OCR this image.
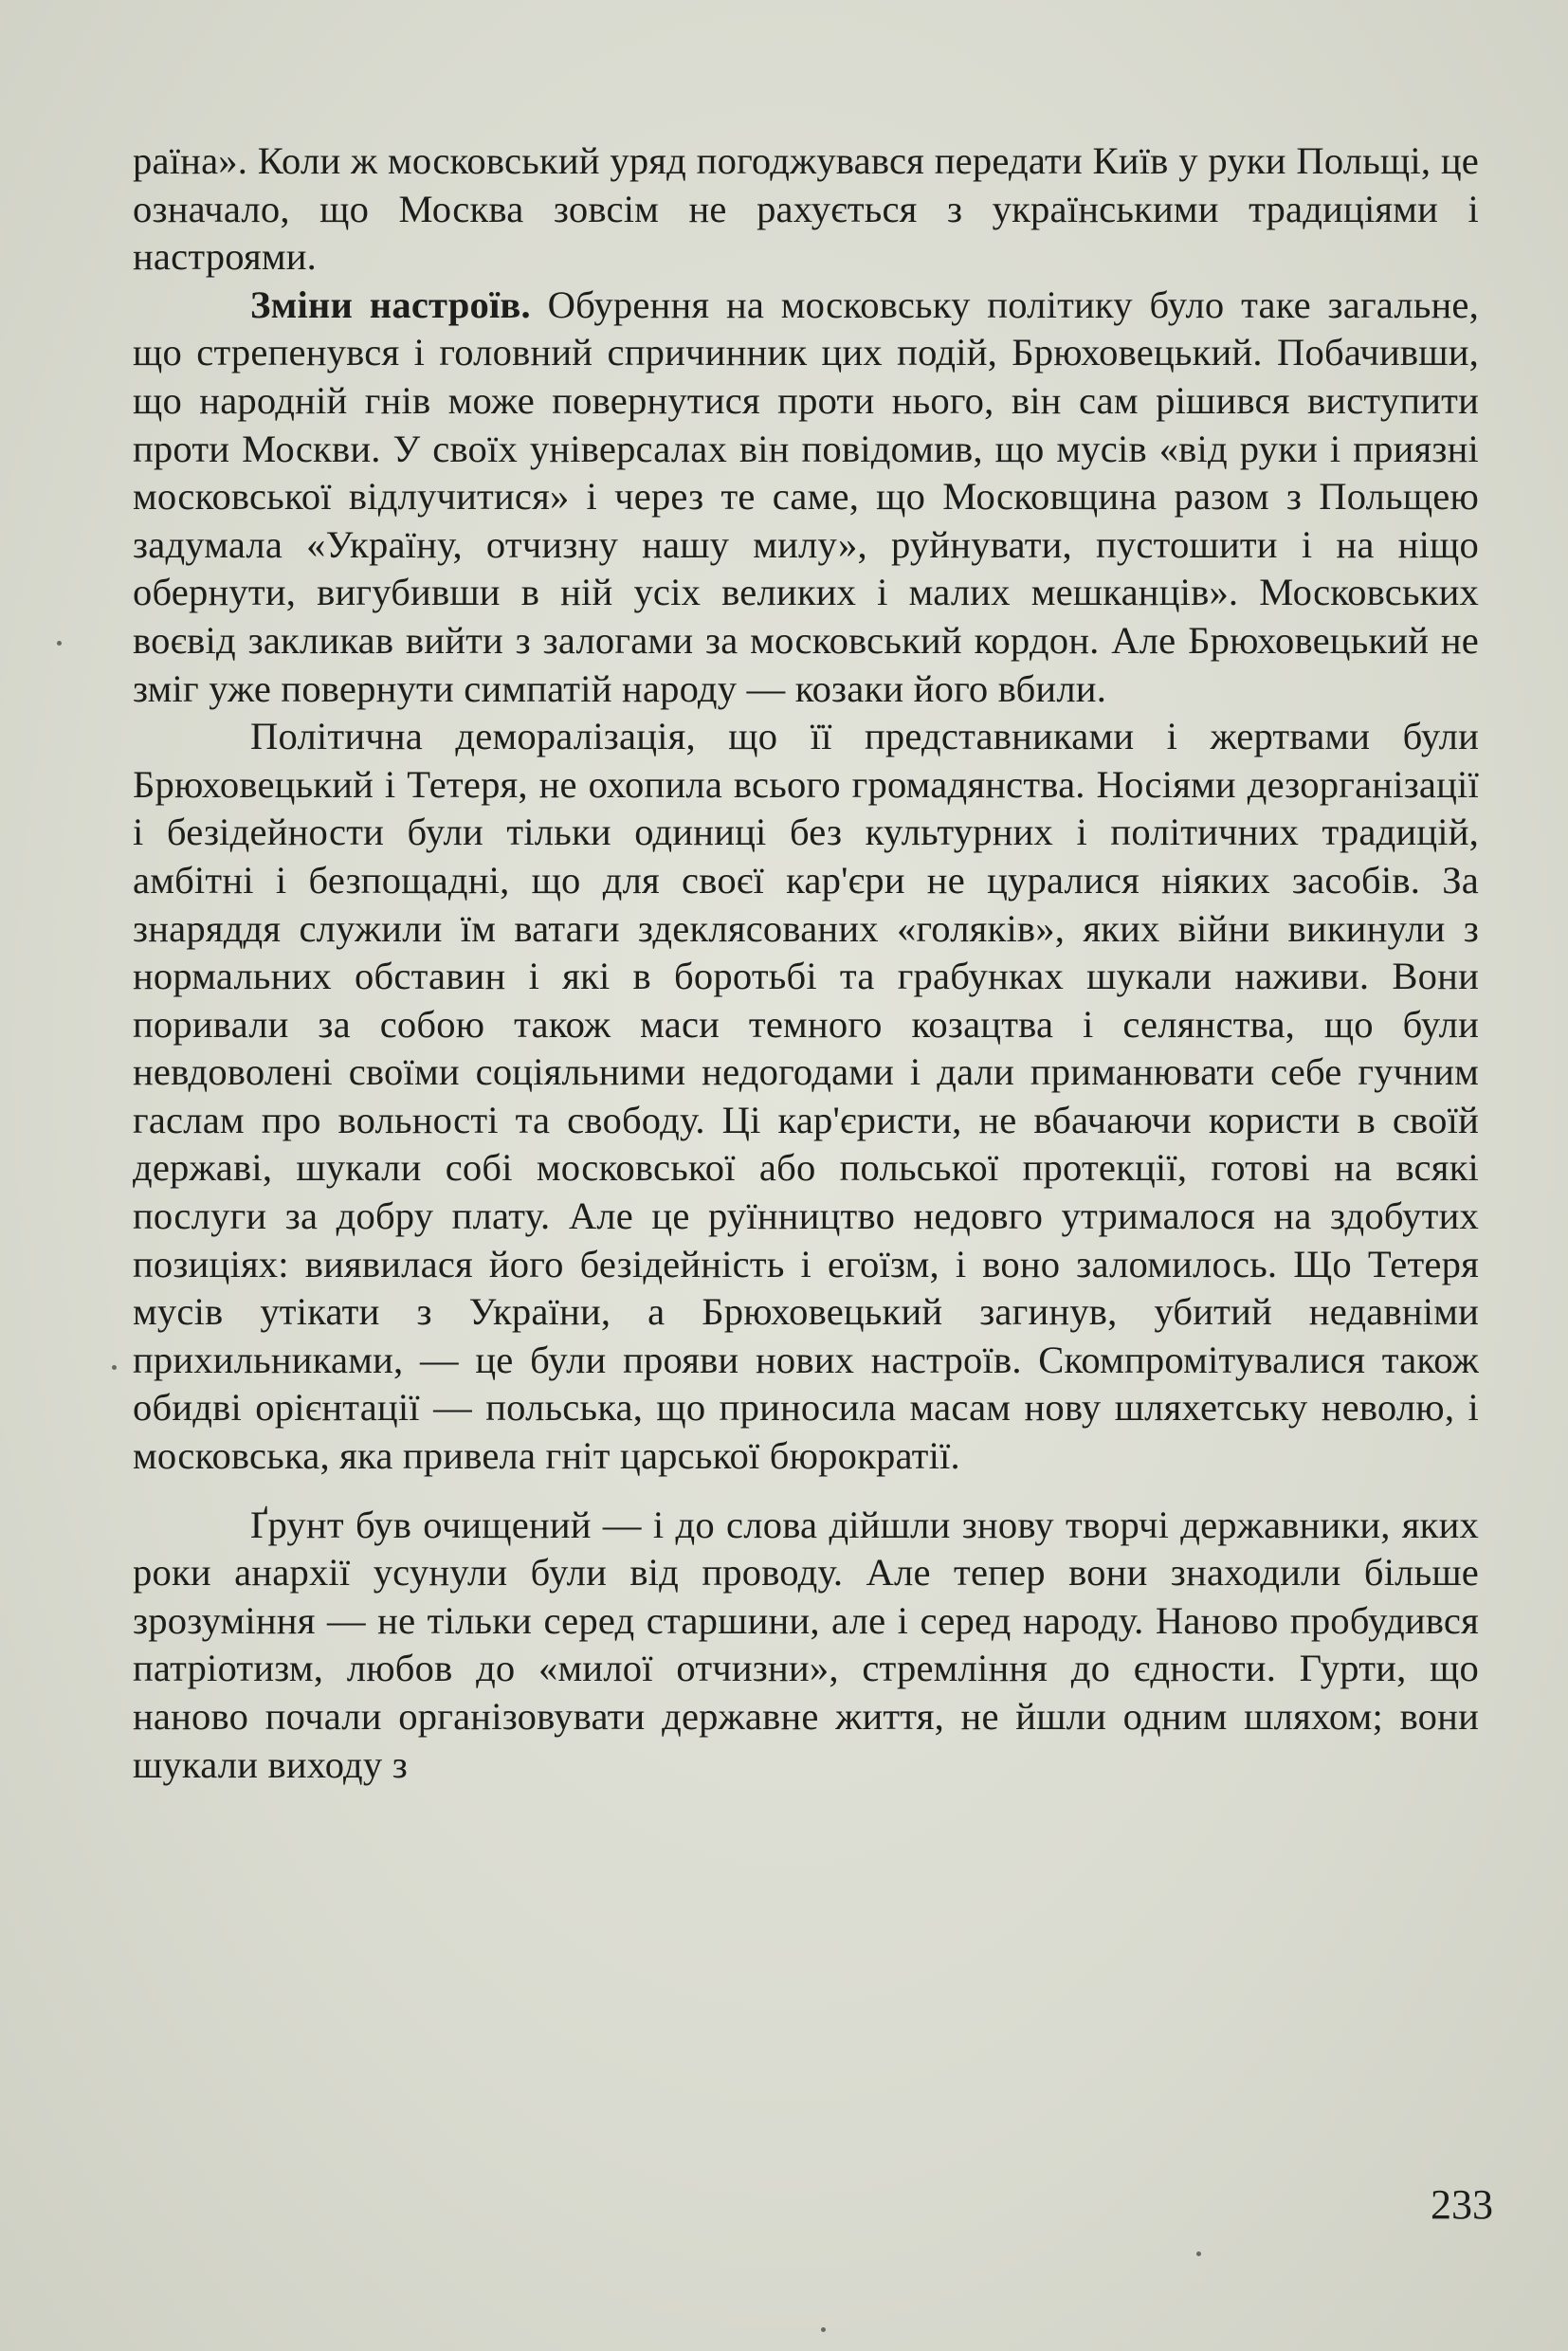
раїна». Коли ж московський уряд погоджувався передати Київ у руки Польщі, це означало, що Москва зовсім не рахується з українськими традиціями і настроями.

Зміни настроїв. Обурення на московську політику було таке загальне, що стрепенувся і головний спричинник цих подій, Брюховецький. Побачивши, що народній гнів може повернутися проти нього, він сам рішився виступити проти Москви. У своїх універсалах він повідомив, що мусів «від руки і приязні московської відлучитися» і через те саме, що Московщина разом з Польщею задумала «Україну, отчизну нашу милу», руйнувати, пустошити і на ніщо обернути, вигубивши в ній усіх великих і малих мешканців». Московських воєвід закликав вийти з залогами за московський кордон. Але Брюховецький не зміг уже повернути симпатій народу — козаки його вбили.

Політична деморалізація, що її представниками і жертвами були Брюховецький і Тетеря, не охопила всього громадянства. Носіями дезорганізації і безідейности були тільки одиниці без культурних і політичних традицій, амбітні і безпощадні, що для своєї кар'єри не цуралися ніяких засобів. За знаряддя служили їм ватаги здеклясованих «голяків», яких війни викинули з нормальних обставин і які в боротьбі та грабунках шукали наживи. Вони поривали за собою також маси темного козацтва і селянства, що були невдоволені своїми соціяльними недогодами і дали приманювати себе гучним гаслам про вольності та свободу. Ці кар'єристи, не вбачаючи користи в своїй державі, шукали собі московської або польської протекції, готові на всякі послуги за добру плату. Але це руїнництво недовго утрималося на здобутих позиціях: виявилася його безідейність і егоїзм, і воно заломилось. Що Тетеря мусів утікати з України, а Брюховецький загинув, убитий недавніми прихильниками, — це були прояви нових настроїв. Скомпромітувалися також обидві орієнтації — польська, що приносила масам нову шляхетську неволю, і московська, яка привела гніт царської бюрократії.

Ґрунт був очищений — і до слова дійшли знову творчі державники, яких роки анархії усунули були від проводу. Але тепер вони знаходили більше зрозуміння — не тільки серед старшини, але і серед народу. Наново пробудився патріотизм, любов до «милої отчизни», стремління до єдности. Гурти, що наново почали організовувати державне життя, не йшли одним шляхом; вони шукали виходу з

233
